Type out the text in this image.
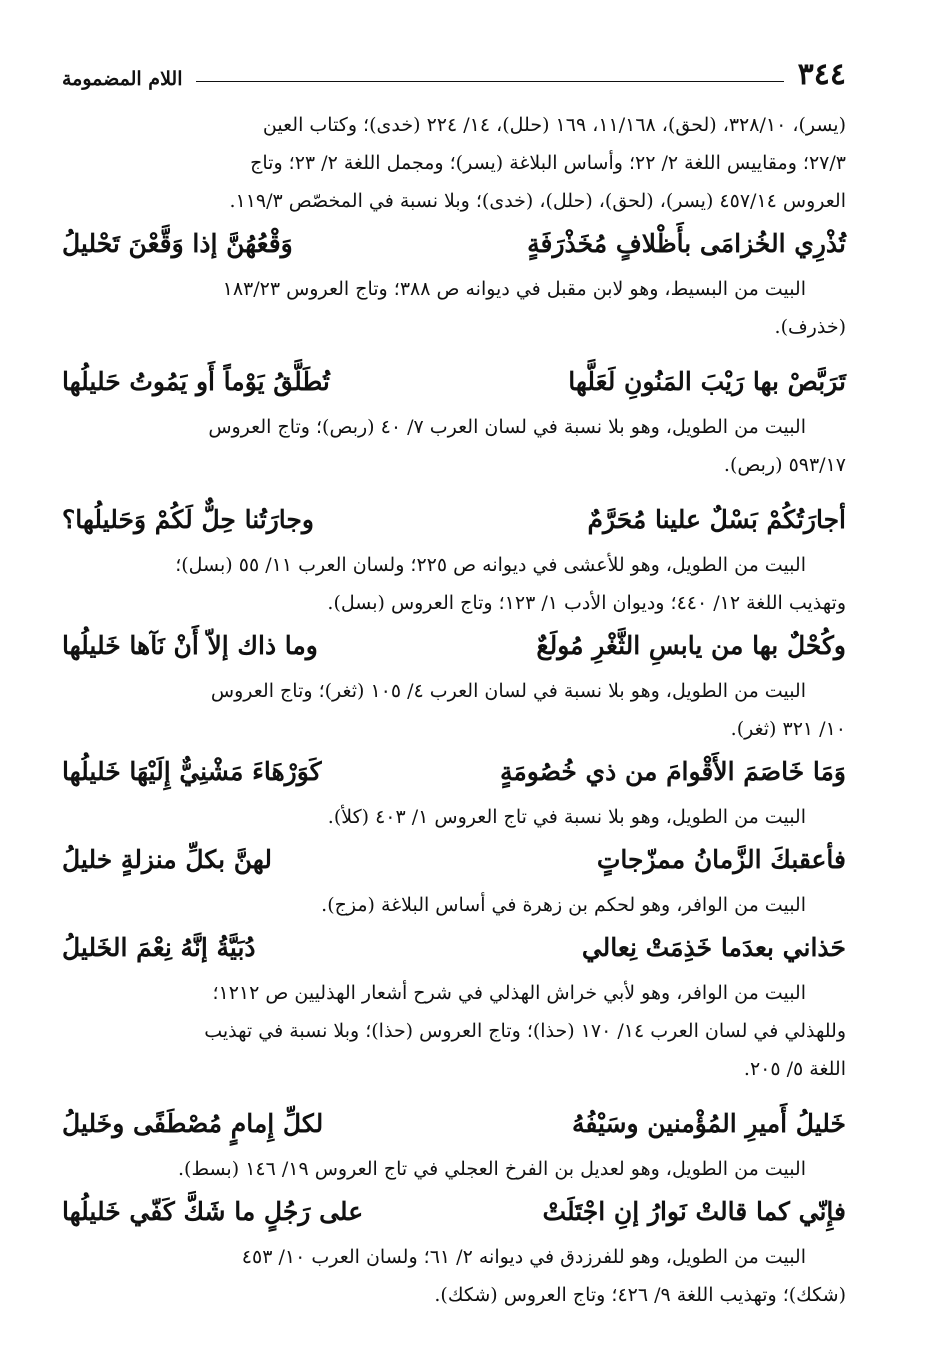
٣٤٤
اللام المضمومة

(يسر)، ٣٢٨/١٠، (لحق)، ١١/١٦٨، ١٦٩ (حلل)، ١٤/ ٢٢٤ (خدى)؛ وكتاب العين

٢٧/٣؛ ومقاييس اللغة ٢/ ٢٢؛ وأساس البلاغة (يسر)؛ ومجمل اللغة ٢/ ٢٣؛ وتاج

العروس ٤٥٧/١٤ (يسر)، (لحق)، (حلل)، (خدى)؛ وبلا نسبة في المخصّص ١١٩/٣.

تُذْرِي الخُزامَى بأَظْلافٍ مُخَذْرَفَةٍ
وَقْعُهُنَّ إذا وَقَّعْنَ تَحْليلُ

البيت من البسيط، وهو لابن مقبل في ديوانه ص ٣٨٨؛ وتاج العروس ١٨٣/٢٣

(خذرف).

تَرَبَّصْ بها رَيْبَ المَنُونِ لَعَلَّها
تُطَلَّقُ يَوْماً أَو يَمُوتُ حَليلُها

البيت من الطويل، وهو بلا نسبة في لسان العرب ٧/ ٤٠ (ربص)؛ وتاج العروس

٥٩٣/١٧ (ربص).

أجارَتُكُمْ بَسْلٌ علينا مُحَرَّمٌ
وجارَتُنا حِلٌّ لَكُمْ وَحَليلُها؟

البيت من الطويل، وهو للأعشى في ديوانه ص ٢٢٥؛ ولسان العرب ١١/ ٥٥ (بسل)؛

وتهذيب اللغة ١٢/ ٤٤٠؛ وديوان الأدب ١/ ١٢٣؛ وتاج العروس (بسل).

وكُحْلٌ بها من يابسِ الثَّغْرِ مُولَعٌ
وما ذاك إلاّ أَنْ نَآها خَليلُها

البيت من الطويل، وهو بلا نسبة في لسان العرب ٤/ ١٠٥ (ثغر)؛ وتاج العروس

١٠/ ٣٢١ (ثغر).

وَمَا خَاصَمَ الأَقْوامَ من ذي خُصُومَةٍ
كَوَرْهَاءَ مَشْنِيٌّ إِلَيْهَا خَليلُها

البيت من الطويل، وهو بلا نسبة في تاج العروس ١/ ٤٠٣ (كلأ).

فأعقبكَ الزَّمانُ ممزّجاتٍ
لهنَّ بكلِّ منزلةٍ خليلُ

البيت من الوافر، وهو لحكم بن زهرة في أساس البلاغة (مزج).

حَذاني بعدَما خَذِمَتْ نِعالي
دُبَيَّةُ إنَّهُ نِعْمَ الخَليلُ

البيت من الوافر، وهو لأبي خراش الهذلي في شرح أشعار الهذليين ص ١٢١٢؛

وللهذلي في لسان العرب ١٤/ ١٧٠ (حذا)؛ وتاج العروس (حذا)؛ وبلا نسبة في تهذيب

اللغة ٥/ ٢٠٥.

خَليلُ أَميرِ المُؤْمنين وسَيْفُهُ
لكلِّ إِمامٍ مُصْطَفًى وخَليلُ

البيت من الطويل، وهو لعديل بن الفرخ العجلي في تاج العروس ١٩/ ١٤٦ (بسط).

فإِنّي كما قالتْ نَوارُ إنِ اجْتَلَتْ
على رَجُلٍ ما شَكَّ كَفّي خَليلُها

البيت من الطويل، وهو للفرزدق في ديوانه ٢/ ٦١؛ ولسان العرب ١٠/ ٤٥٣

(شكك)؛ وتهذيب اللغة ٩/ ٤٢٦؛ وتاج العروس (شكك).
